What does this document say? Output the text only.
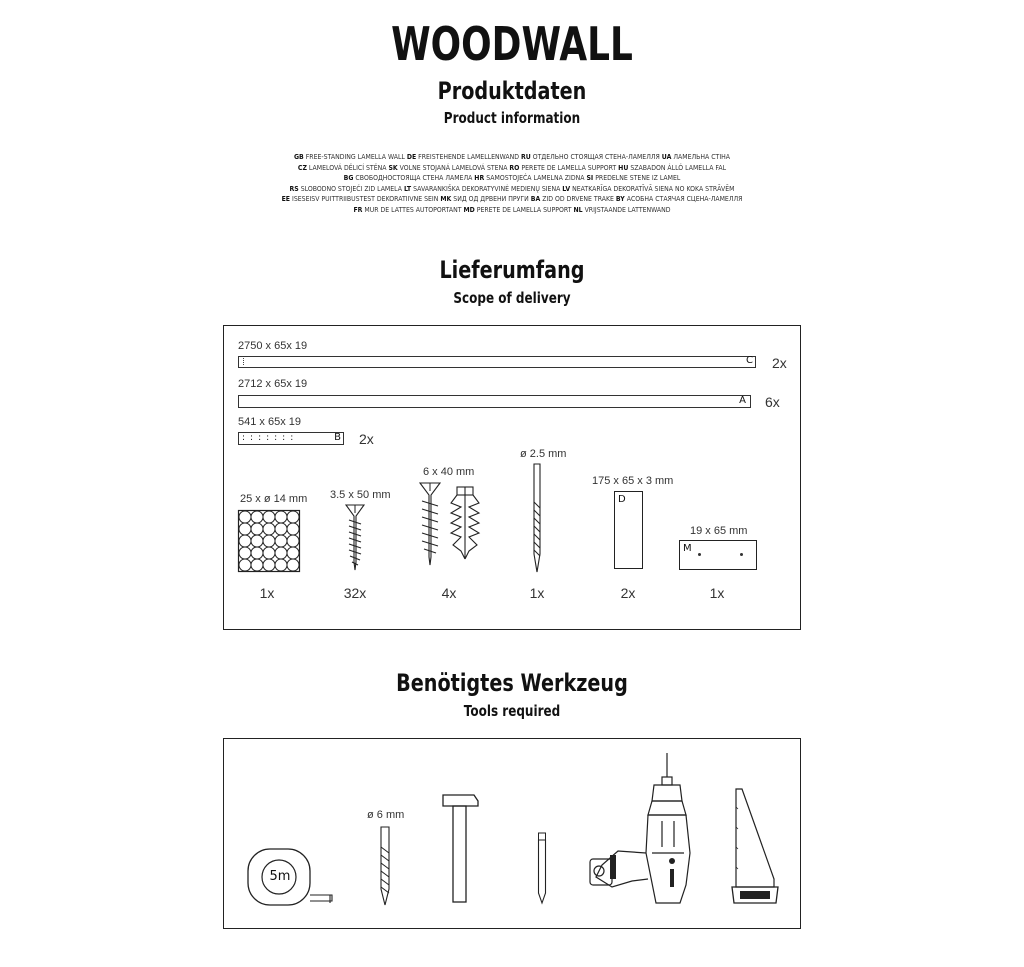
WOODWALL
Produktdaten
Product information
GB FREE-STANDING LAMELLA WALL DE FREISTEHENDE LAMELLENWAND RU ОТДЕЛЬНО СТОЯЩАЯ СТЕНА-ЛАМЕЛЛЯ UA ЛАМЕЛЬНА СТІНА
CZ LAMELOVÁ DĚLICÍ STĚNA SK VOLNE STOJANÁ LAMELOVÁ STENA RO PERETE DE LAMELLA SUPPORT HU SZABADON ÁLLÓ LAMELLA FAL
BG СВОБОДНОСТОЯЩА СТЕНА ЛАМЕЛА HR SAMOSTOJEĆA LAMELNA ZIDNA SI PREDELNE STENE IZ LAMEL
RS SLOBODNO STOJEĆI ZID LAMELA LT SAVARANKIŠKA DEKORATYVINĖ MEDIENŲ SIENA LV NEATKARĪGA DEKORATĪVĀ SIENA NO KOKA STRĀVĒM
EE ISESEISV PUITTRIIBUSTEST DEKORATIIVNE SEIN MK ЅИД ОД ДРВЕНИ ПРУГИ BA ZID OD DRVENE TRAKE BY АСОБНА СТАЯЧАЯ СЦЕНА-ЛАМЕЛЛЯ
FR MUR DE LATTES AUTOPORTANT MD PERETE DE LAMELLA SUPPORT NL VRIJSTAANDE LATTENWAND
Lieferumfang
Scope of delivery
2750 x 65x 19
C 2x
2712 x 65x 19
A 6x
541 x 65x 19
:::::::	B 2x
25 x ø 14 mm
1x
3.5 x 50 mm
32x
6 x 40 mm
4x
ø 2.5 mm
1x
175 x 65 x 3 mm
D
2x
19 x 65 mm
M
1x
Benötigtes Werkzeug
Tools required
5m
ø 6 mm
